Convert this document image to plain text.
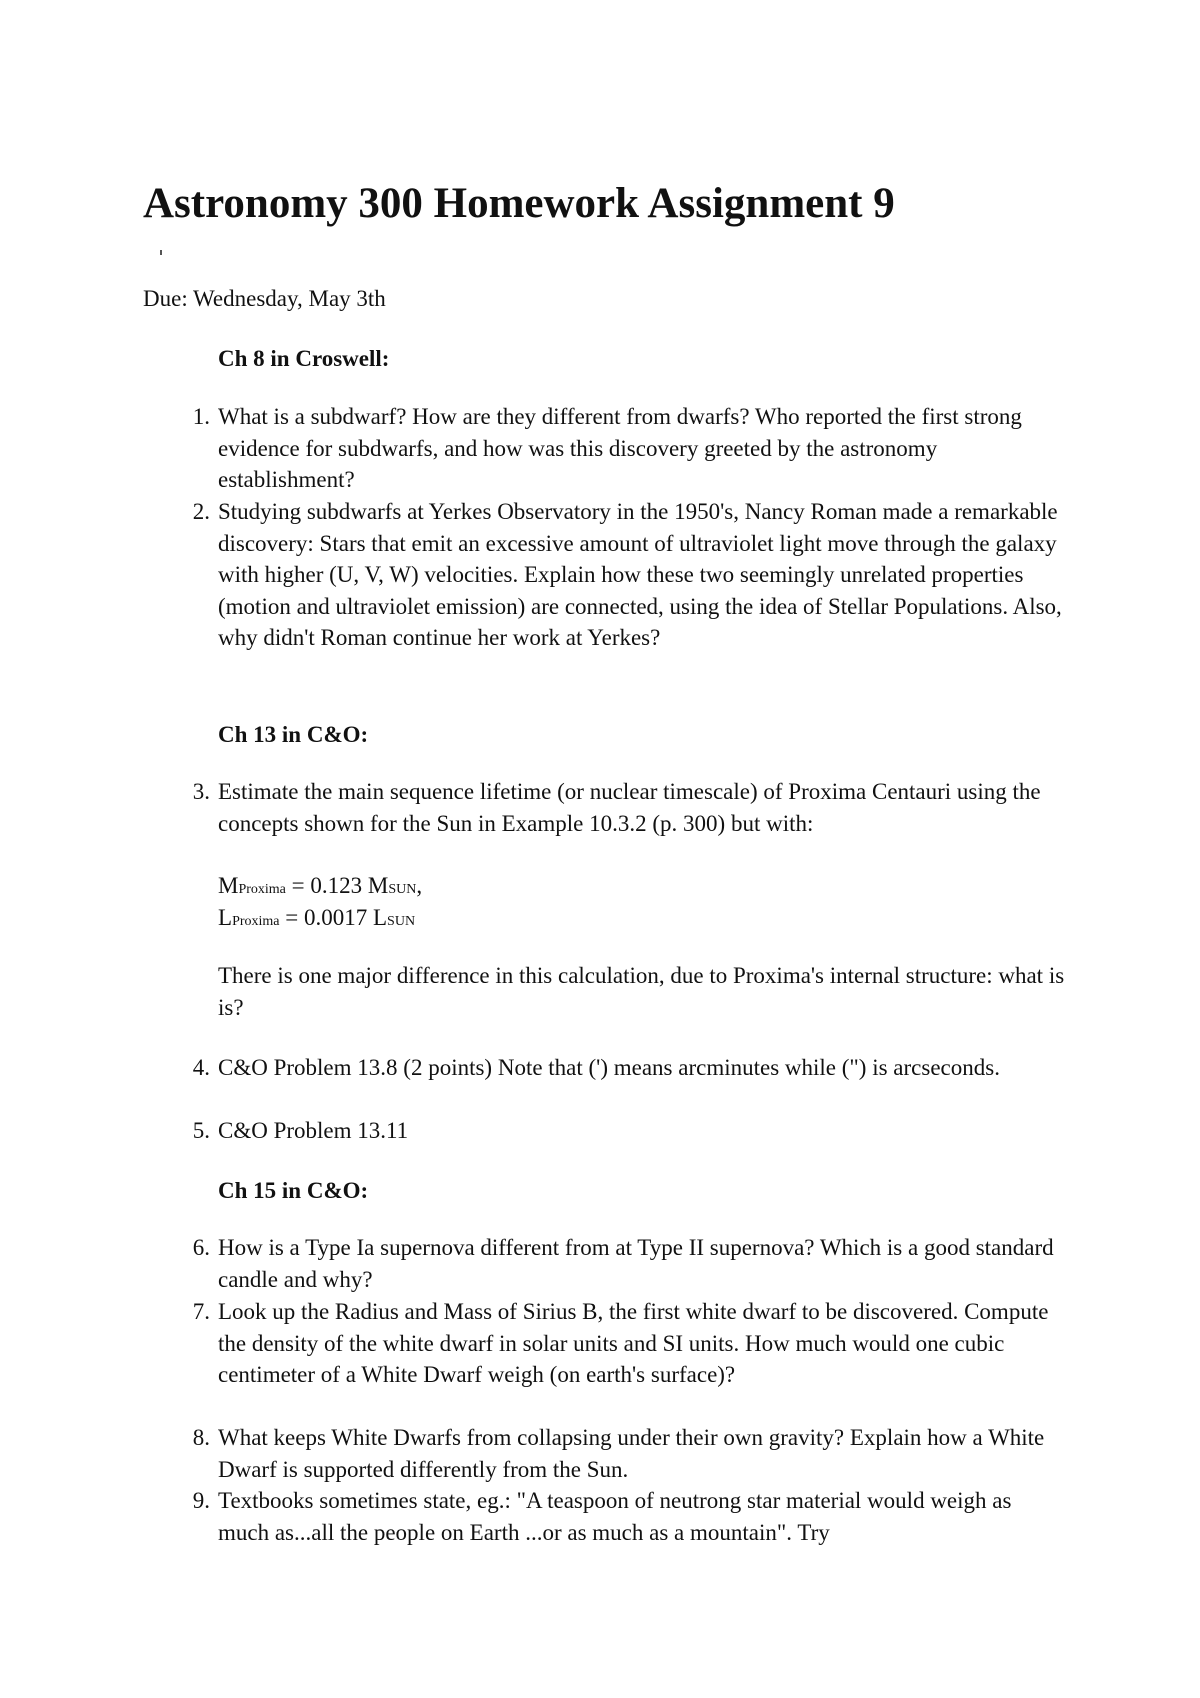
Astronomy 300 Homework Assignment 9
Due: Wednesday, May 3th
Ch 8 in Croswell:
1. What is a subdwarf? How are they different from dwarfs? Who reported the first strong evidence for subdwarfs, and how was this discovery greeted by the astronomy establishment?
2. Studying subdwarfs at Yerkes Observatory in the 1950's, Nancy Roman made a remarkable discovery: Stars that emit an excessive amount of ultraviolet light move through the galaxy with higher (U, V, W) velocities. Explain how these two seemingly unrelated properties (motion and ultraviolet emission) are connected, using the idea of Stellar Populations. Also, why didn't Roman continue her work at Yerkes?
Ch 13 in C&O:
3. Estimate the main sequence lifetime (or nuclear timescale) of Proxima Centauri using the concepts shown for the Sun in Example 10.3.2 (p. 300) but with:
MProxima = 0.123 MSUN,
LProxima = 0.0017 LSUN
There is one major difference in this calculation, due to Proxima's internal structure: what is is?
4. C&O Problem 13.8 (2 points) Note that (') means arcminutes while (") is arcseconds.
5. C&O Problem 13.11
Ch 15 in C&O:
6. How is a Type Ia supernova different from at Type II supernova? Which is a good standard candle and why?
7. Look up the Radius and Mass of Sirius B, the first white dwarf to be discovered. Compute the density of the white dwarf in solar units and SI units. How much would one cubic centimeter of a White Dwarf weigh (on earth's surface)?
8. What keeps White Dwarfs from collapsing under their own gravity? Explain how a White Dwarf is supported differently from the Sun.
9. Textbooks sometimes state, eg.: "A teaspoon of neutrong star material would weigh as much as...all the people on Earth ...or as much as a mountain". Try
